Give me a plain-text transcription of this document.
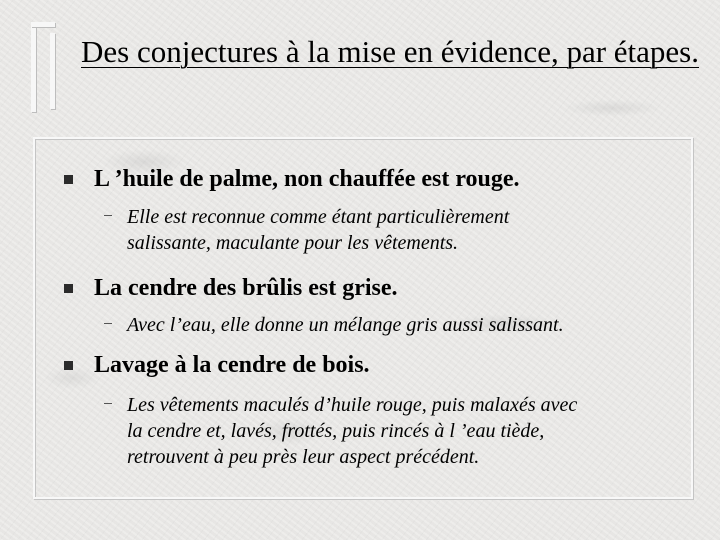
Des conjectures à la mise en évidence, par étapes.
L ’huile de palme, non chauffée est rouge.
Elle est reconnue comme étant particulièrement
salissante, maculante pour les vêtements.
La cendre des brûlis est grise.
Avec l’eau, elle donne un mélange gris aussi salissant.
Lavage à la cendre de bois.
Les vêtements maculés d’huile rouge, puis malaxés avec
la cendre et, lavés, frottés, puis rincés à l ’eau tiède,
retrouvent à peu près leur aspect précédent.
